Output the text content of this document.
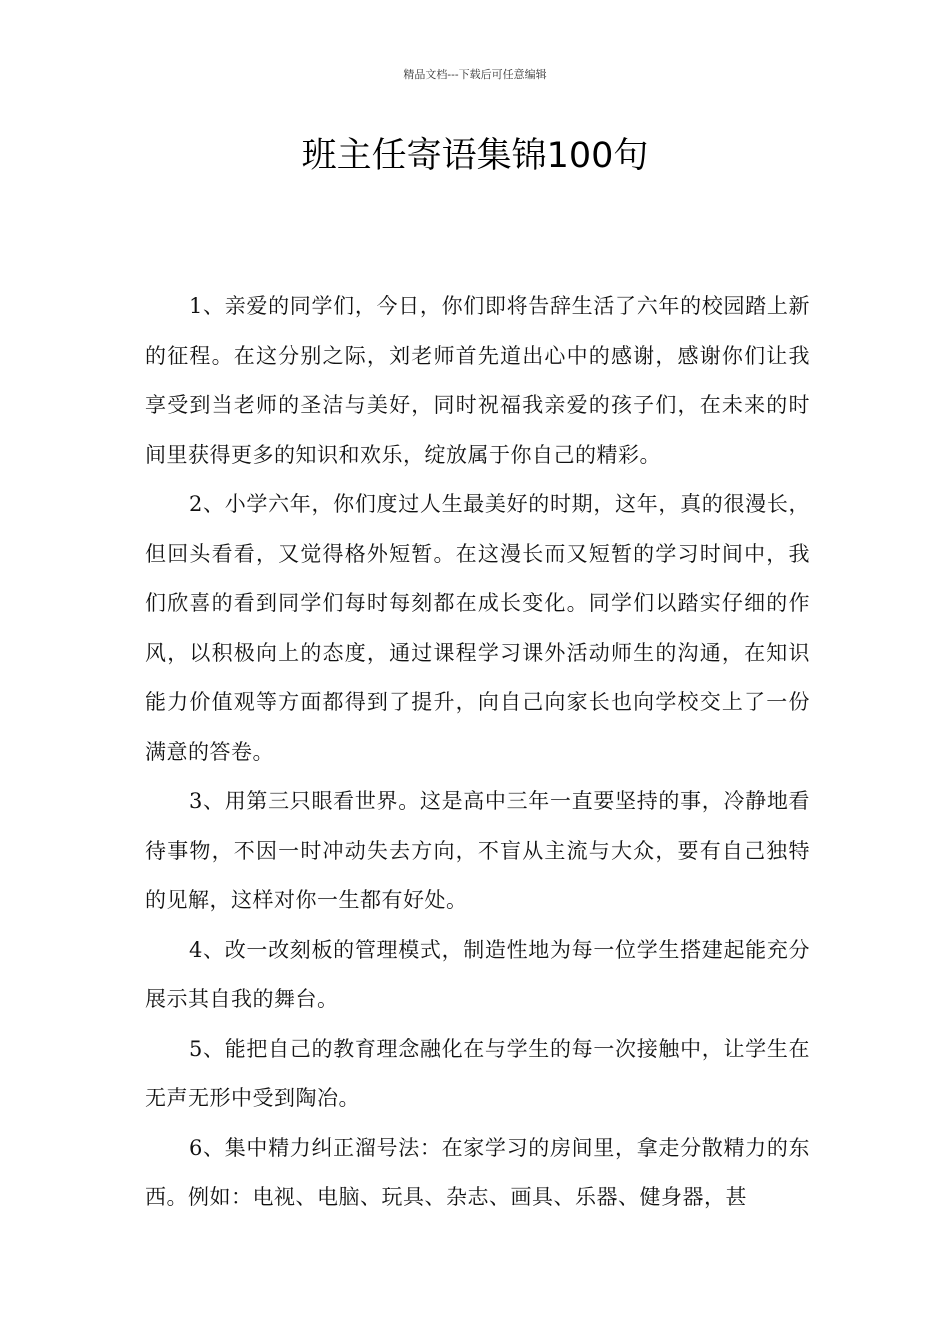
精品文档---下载后可任意编辑
班主任寄语集锦100句

1、亲爱的同学们，今日，你们即将告辞生活了六年的校园踏上新的征程。在这分别之际，刘老师首先道出心中的感谢，感谢你们让我享受到当老师的圣洁与美好，同时祝福我亲爱的孩子们，在未来的时间里获得更多的知识和欢乐，绽放属于你自己的精彩。

2、小学六年，你们度过人生最美好的时期，这年，真的很漫长，但回头看看，又觉得格外短暂。在这漫长而又短暂的学习时间中，我们欣喜的看到同学们每时每刻都在成长变化。同学们以踏实仔细的作风，以积极向上的态度，通过课程学习课外活动师生的沟通，在知识能力价值观等方面都得到了提升，向自己向家长也向学校交上了一份满意的答卷。

3、用第三只眼看世界。这是高中三年一直要坚持的事，冷静地看待事物，不因一时冲动失去方向，不盲从主流与大众，要有自己独特的见解，这样对你一生都有好处。

4、改一改刻板的管理模式，制造性地为每一位学生搭建起能充分展示其自我的舞台。

5、能把自己的教育理念融化在与学生的每一次接触中，让学生在无声无形中受到陶冶。

6、集中精力纠正溜号法：在家学习的房间里，拿走分散精力的东西。例如：电视、电脑、玩具、杂志、画具、乐器、健身器，甚
